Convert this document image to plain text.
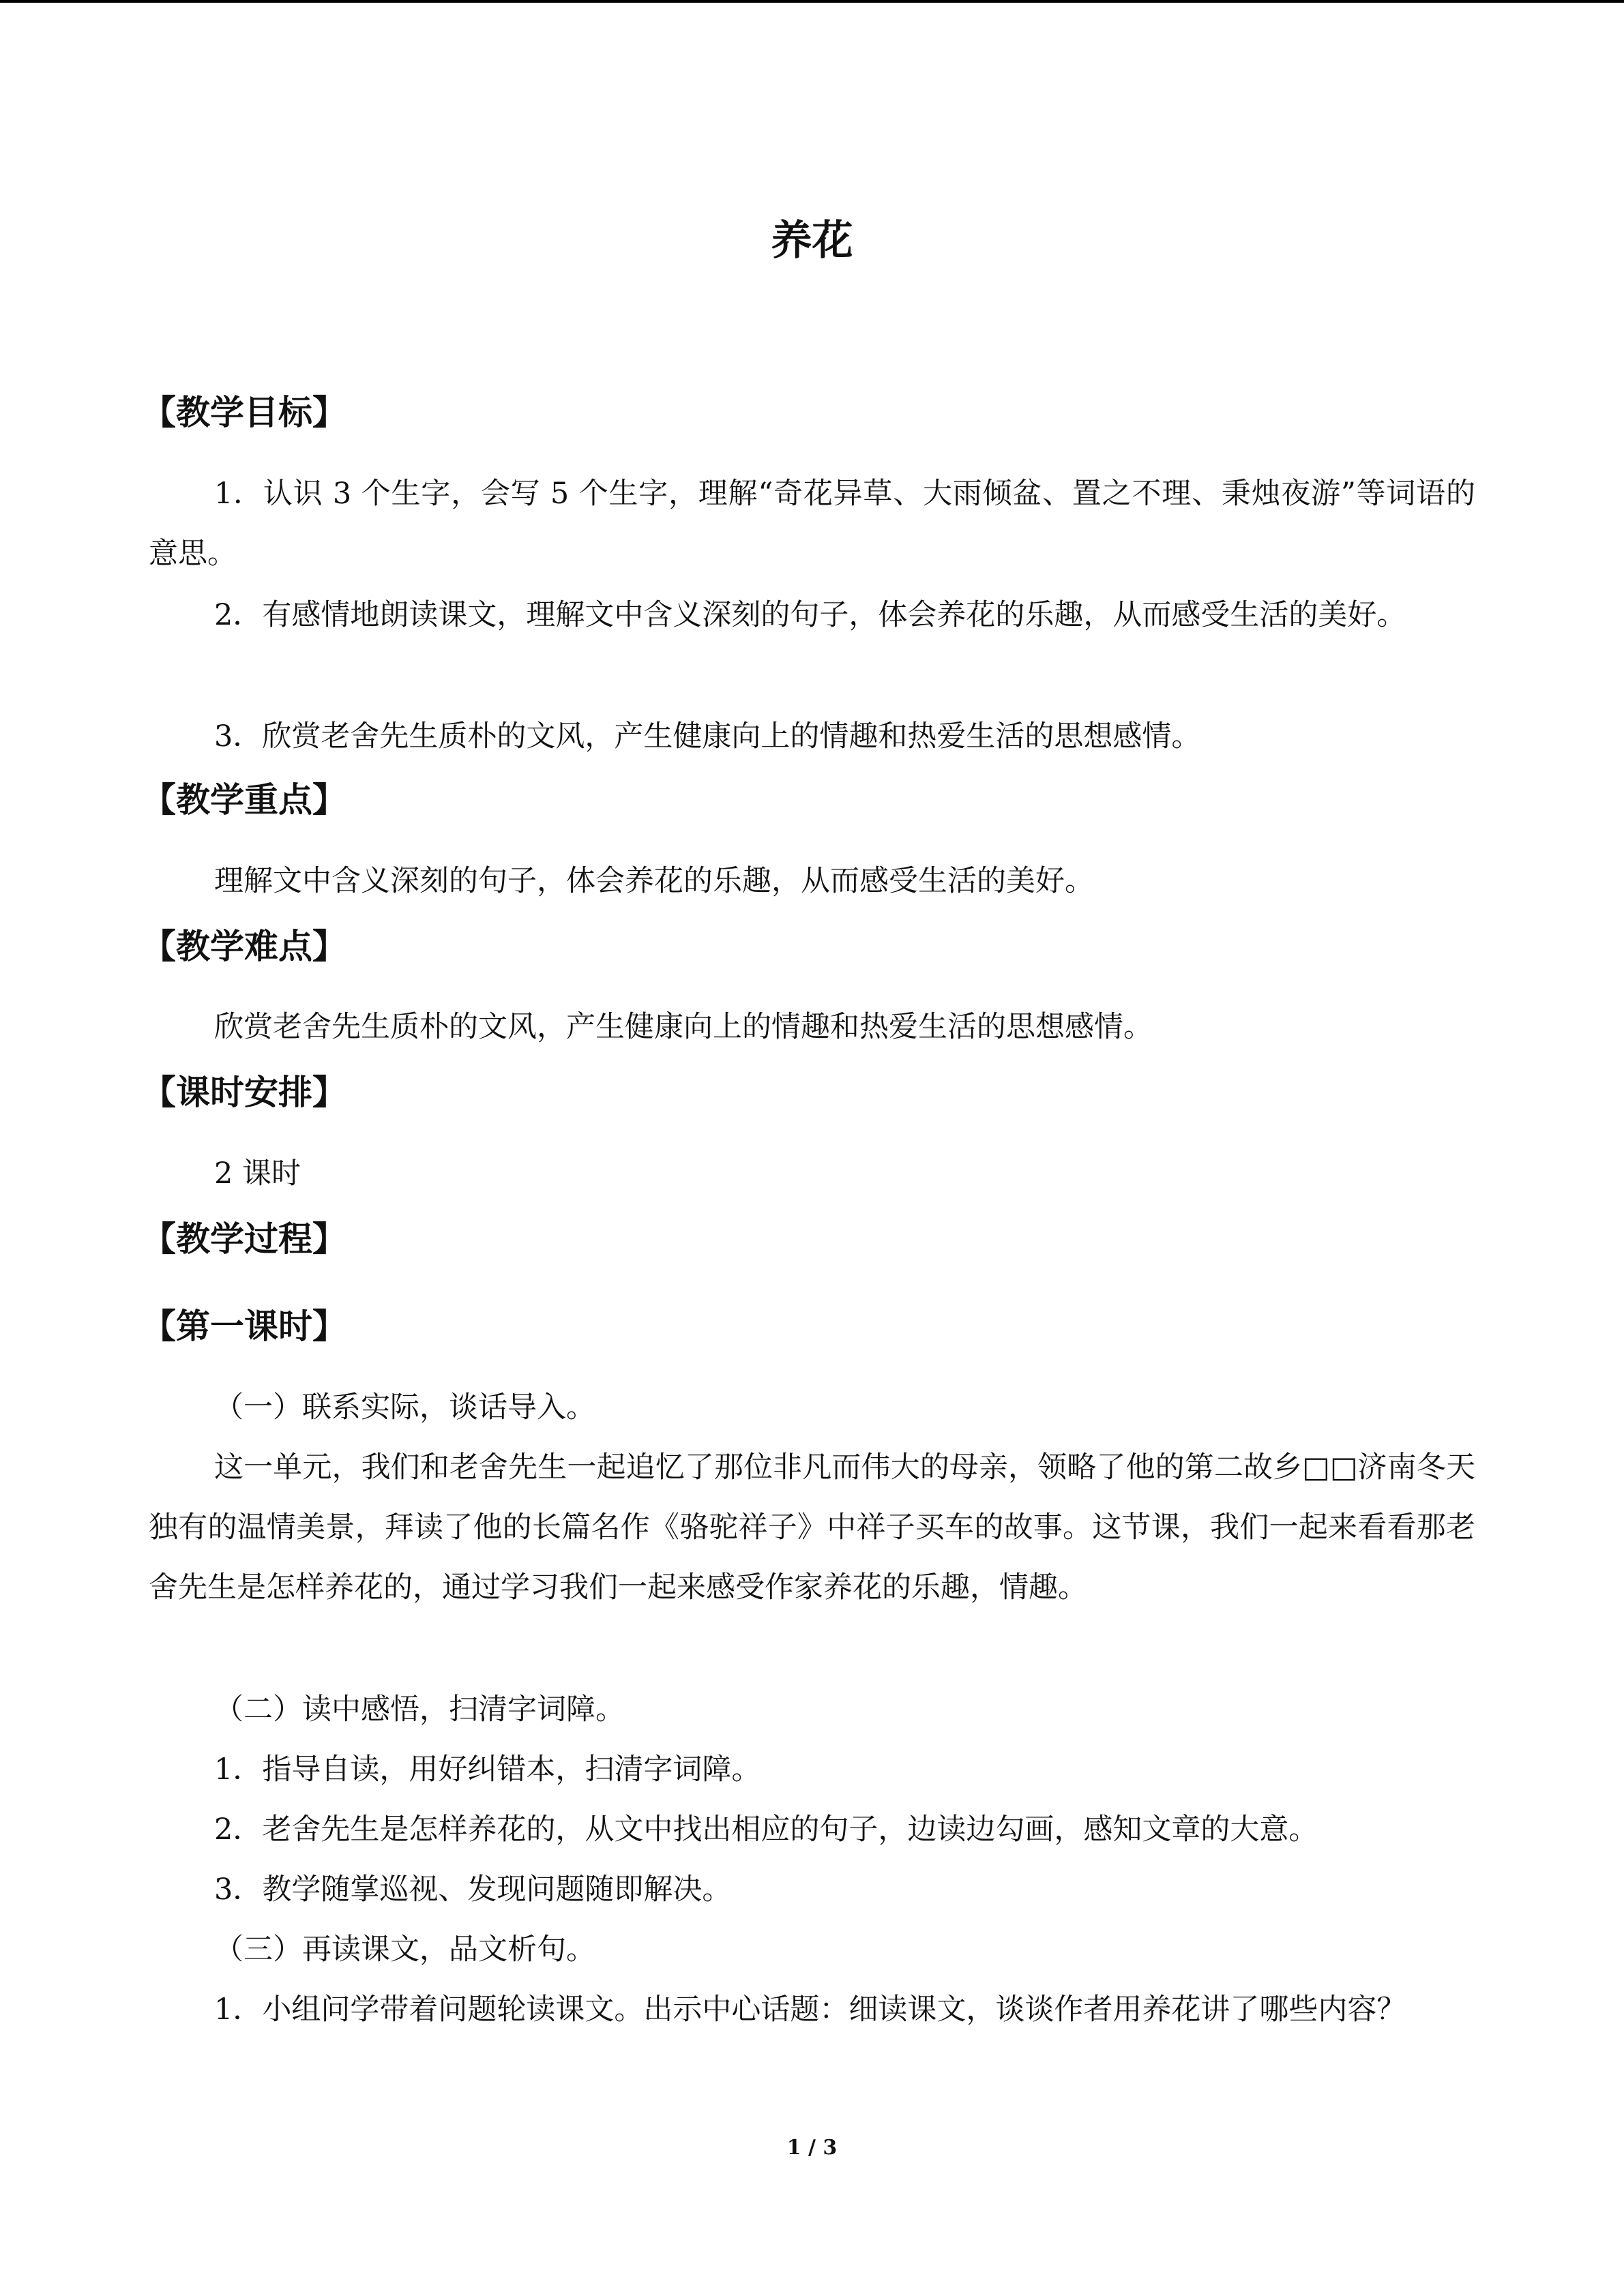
养花
【教学目标】

1．认识 3 个生字，会写 5 个生字，理解“奇花异草、大雨倾盆、置之不理、秉烛夜游”等词语的意思。

2．有感情地朗读课文，理解文中含义深刻的句子，体会养花的乐趣，从而感受生活的美好。

3．欣赏老舍先生质朴的文风，产生健康向上的情趣和热爱生活的思想感情。

【教学重点】

理解文中含义深刻的句子，体会养花的乐趣，从而感受生活的美好。

【教学难点】

欣赏老舍先生质朴的文风，产生健康向上的情趣和热爱生活的思想感情。

【课时安排】

2 课时

【教学过程】
【第一课时】

（一）联系实际，谈话导入。

这一单元，我们和老舍先生一起追忆了那位非凡而伟大的母亲，领略了他的第二故乡□□济南冬天独有的温情美景，拜读了他的长篇名作《骆驼祥子》中祥子买车的故事。这节课，我们一起来看看那老舍先生是怎样养花的，通过学习我们一起来感受作家养花的乐趣，情趣。

（二）读中感悟，扫清字词障。

1．指导自读，用好纠错本，扫清字词障。

2．老舍先生是怎样养花的，从文中找出相应的句子，边读边勾画，感知文章的大意。

3．教学随掌巡视、发现问题随即解决。

（三）再读课文，品文析句。

1．小组问学带着问题轮读课文。出示中心话题：细读课文，谈谈作者用养花讲了哪些内容？

1 / 3
